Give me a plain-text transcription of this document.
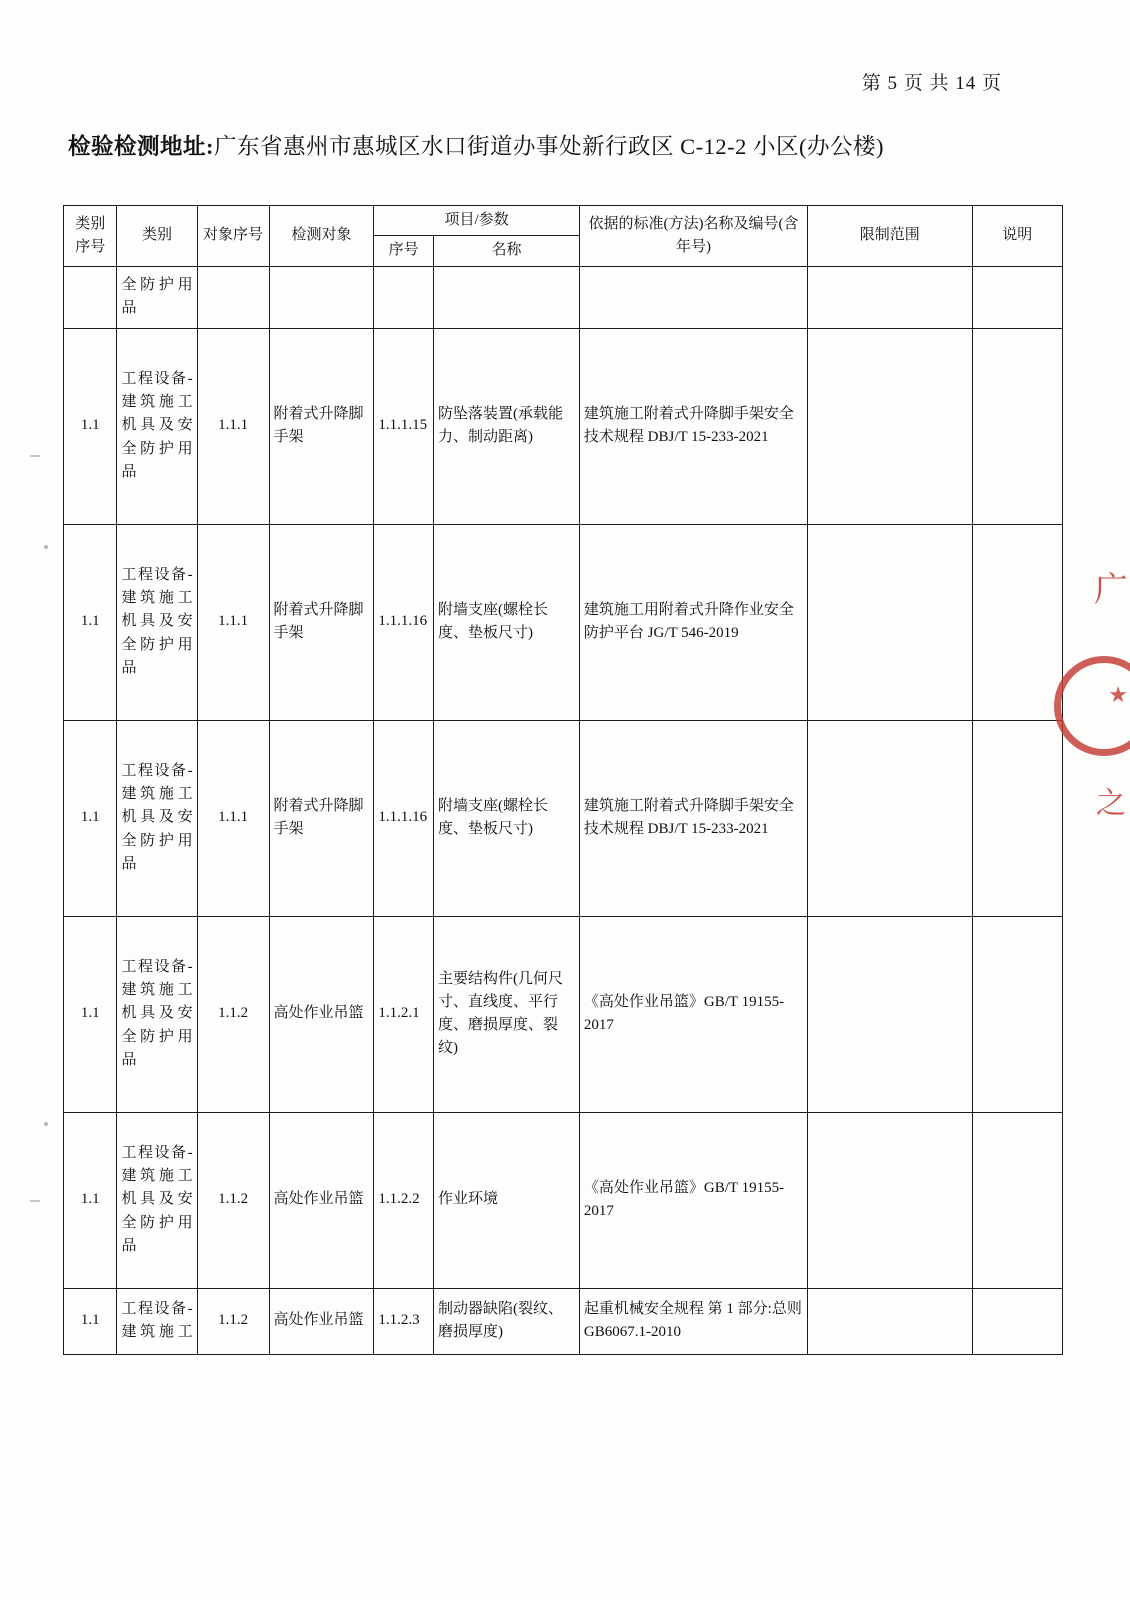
第 5 页 共 14 页
检验检测地址:广东省惠州市惠城区水口街道办事处新行政区 C-12-2 小区(办公楼)
类别序号	类别	对象序号	检测对象	项目/参数		依据的标准(方法)名称及编号(含年号)	限制范围	说明
				序号	名称			
	全防护用品							
1.1	工程设备-建筑施工机具及安全防护用品	1.1.1	附着式升降脚手架	1.1.1.15	防坠落装置(承载能力、制动距离)	建筑施工附着式升降脚手架安全技术规程 DBJ/T 15-233-2021		
1.1	工程设备-建筑施工机具及安全防护用品	1.1.1	附着式升降脚手架	1.1.1.16	附墙支座(螺栓长度、垫板尺寸)	建筑施工用附着式升降作业安全防护平台 JG/T 546-2019		
1.1	工程设备-建筑施工机具及安全防护用品	1.1.1	附着式升降脚手架	1.1.1.16	附墙支座(螺栓长度、垫板尺寸)	建筑施工附着式升降脚手架安全技术规程 DBJ/T 15-233-2021		
1.1	工程设备-建筑施工机具及安全防护用品	1.1.2	高处作业吊篮	1.1.2.1	主要结构件(几何尺寸、直线度、平行度、磨损厚度、裂纹)	《高处作业吊篮》GB/T 19155-2017		
1.1	工程设备-建筑施工机具及安全防护用品	1.1.2	高处作业吊篮	1.1.2.2	作业环境	《高处作业吊篮》GB/T 19155-2017		
1.1	工程设备-建筑施工	1.1.2	高处作业吊篮	1.1.2.3	制动器缺陷(裂纹、磨损厚度)	起重机械安全规程 第 1 部分:总则 GB6067.1-2010		
广
★
之
